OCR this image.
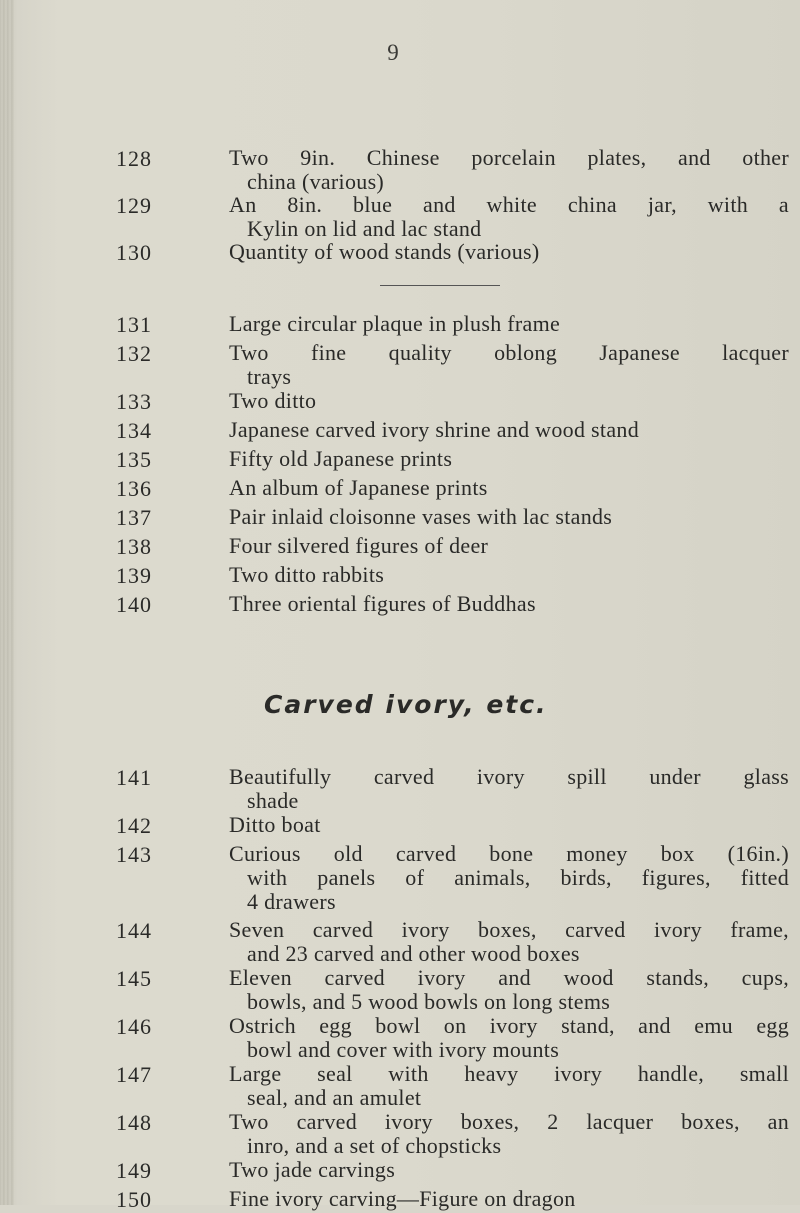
9
128
129
130
131
132
133
134
135
136
137
138
139
140
Carved ivory, etc.
141
142
143
144
145
146
147
148
149
150
Two 9in. Chinese porcelain plates, and other
china (various)
An 8in. blue and white china jar, with a
Kylin on lid and lac stand
Quantity of wood stands (various)
Large circular plaque in plush frame
Two fine quality oblong Japanese lacquer
trays
Two ditto
Japanese carved ivory shrine and wood stand
Fifty old Japanese prints
An album of Japanese prints
Pair inlaid cloisonne vases with lac stands
Four silvered figures of deer
Two ditto rabbits
Three oriental figures of Buddhas
Beautifully carved ivory spill under glass
shade
Ditto boat
Curious old carved bone money box (16in.)
with panels of animals, birds, figures, fitted
4 drawers
Seven carved ivory boxes, carved ivory frame,
and 23 carved and other wood boxes
Eleven carved ivory and wood stands, cups,
bowls, and 5 wood bowls on long stems
Ostrich egg bowl on ivory stand, and emu egg
bowl and cover with ivory mounts
Large seal with heavy ivory handle, small
seal, and an amulet
Two carved ivory boxes, 2 lacquer boxes, an
inro, and a set of chopsticks
Two jade carvings
Fine ivory carving—Figure on dragon
